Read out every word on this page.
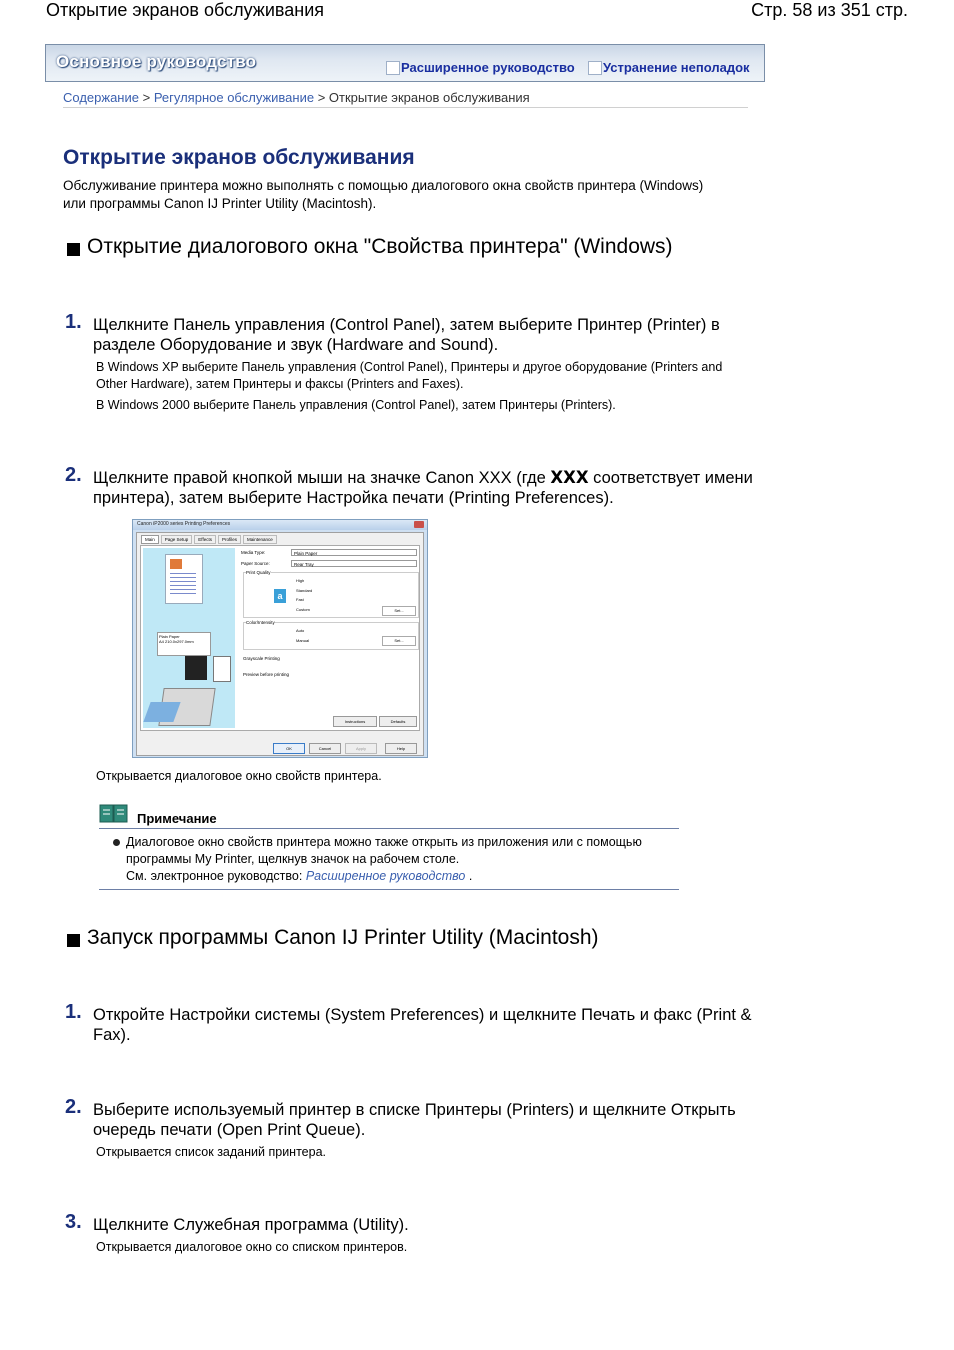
Открытие экранов обслуживания	Стр. 58 из 351 стр.
Основное руководство	Расширенное руководство Устранение неполадок
Содержание > Регулярное обслуживание > Открытие экранов обслуживания
Открытие экранов обслуживания
Обслуживание принтера можно выполнять с помощью диалогового окна свойств принтера (Windows) или программы Canon IJ Printer Utility (Macintosh).
Открытие диалогового окна "Свойства принтера" (Windows)
1. Щелкните Панель управления (Control Panel), затем выберите Принтер (Printer) в разделе Оборудование и звук (Hardware and Sound).
В Windows XP выберите Панель управления (Control Panel), Принтеры и другое оборудование (Printers and Other Hardware), затем Принтеры и факсы (Printers and Faxes).
В Windows 2000 выберите Панель управления (Control Panel), затем Принтеры (Printers).
2. Щелкните правой кнопкой мыши на значке Canon XXX (где XXX соответствует имени принтера), затем выберите Настройка печати (Printing Preferences).
Canon iP2000 series Printing Preferences
Main	Page Setup	Effects	Profiles	Maintenance
Plain Paper
A4 210.0x297.0mm
Media Type:	Plain Paper
Paper Source:	Rear Tray
Print Quality
a
High
Standard
Fast
Custom	Set...
Color/Intensity
Auto
Manual	Set...
Grayscale Printing
Preview before printing
Instructions	Defaults
OK	Cancel	Apply	Help
Открывается диалоговое окно свойств принтера.
Примечание
Диалоговое окно свойств принтера можно также открыть из приложения или с помощью программы My Printer, щелкнув значок на рабочем столе.
См. электронное руководство: Расширенное руководство .
Запуск программы Canon IJ Printer Utility (Macintosh)
1. Откройте Настройки системы (System Preferences) и щелкните Печать и факс (Print & Fax).
2. Выберите используемый принтер в списке Принтеры (Printers) и щелкните Открыть очередь печати (Open Print Queue).
Открывается список заданий принтера.
3. Щелкните Служебная программа (Utility).
Открывается диалоговое окно со списком принтеров.
